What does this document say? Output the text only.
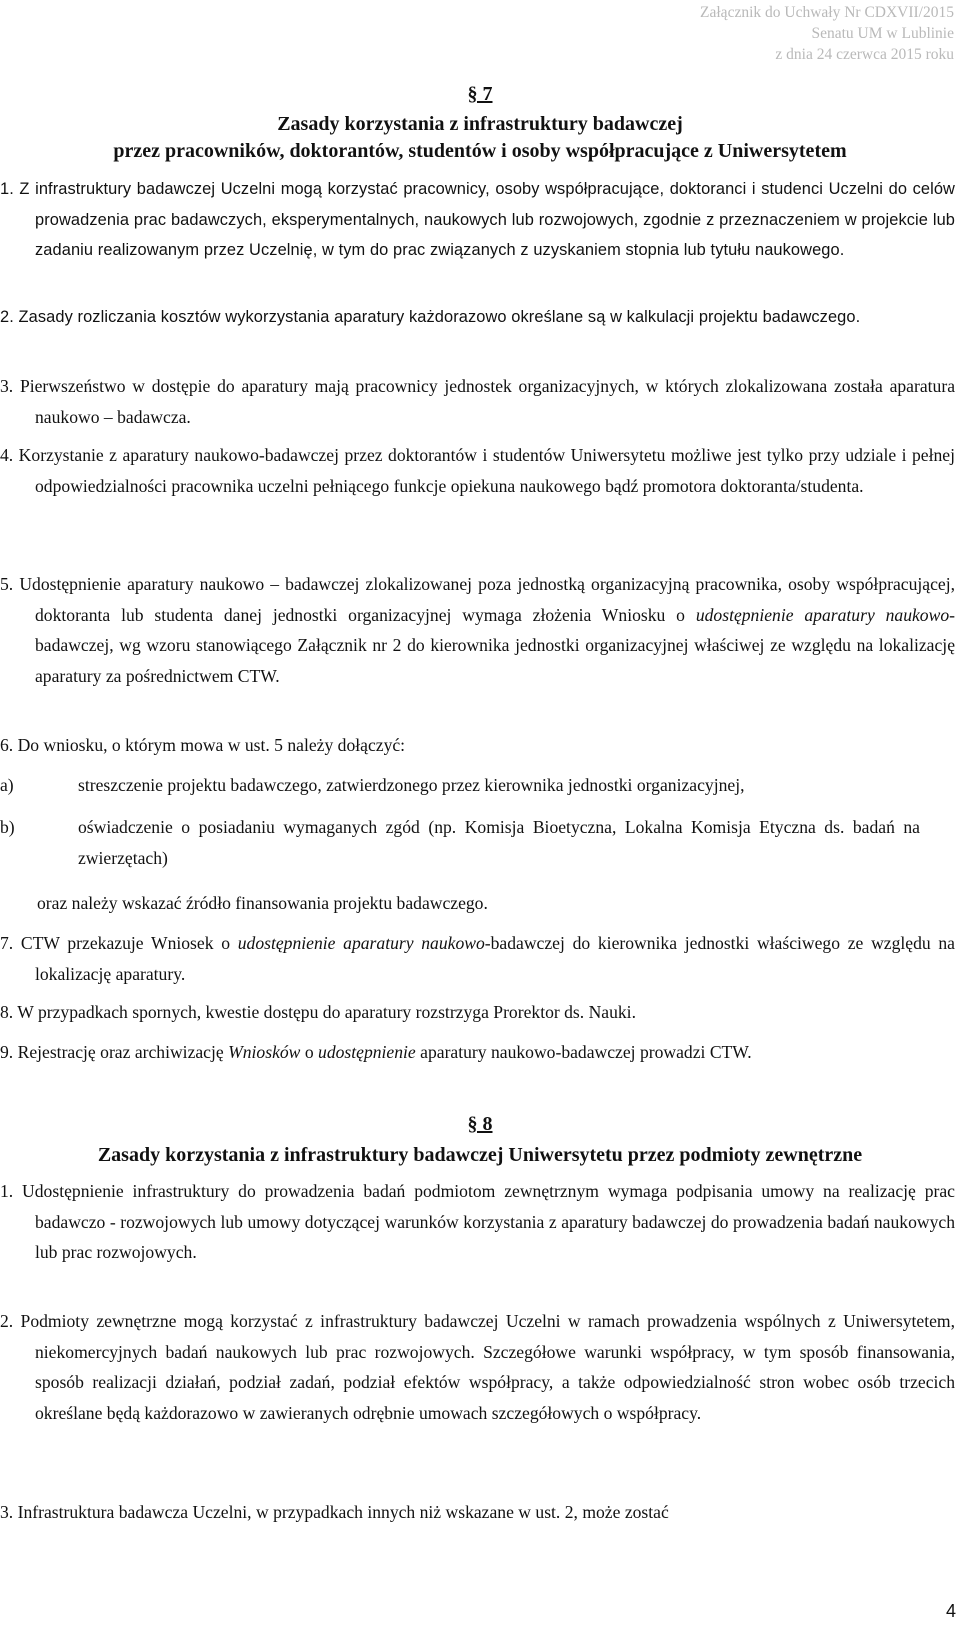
Załącznik do Uchwały Nr CDXVII/2015
Senatu UM w Lublinie
z dnia 24 czerwca 2015 roku
§ 7
Zasady korzystania z infrastruktury badawczej
przez pracowników, doktorantów, studentów i osoby współpracujące z Uniwersytetem
1. Z infrastruktury badawczej Uczelni mogą korzystać pracownicy, osoby współpracujące, doktoranci i studenci Uczelni do celów prowadzenia prac badawczych, eksperymentalnych, naukowych lub rozwojowych, zgodnie z przeznaczeniem w projekcie lub zadaniu realizowanym przez Uczelnię, w tym do prac związanych z uzyskaniem stopnia lub tytułu naukowego.
2. Zasady rozliczania kosztów wykorzystania aparatury każdorazowo określane są w kalkulacji projektu badawczego.
3. Pierwszeństwo w dostępie do aparatury mają pracownicy jednostek organizacyjnych, w których zlokalizowana została aparatura naukowo – badawcza.
4. Korzystanie z aparatury naukowo-badawczej przez doktorantów i studentów Uniwersytetu możliwe jest tylko przy udziale i pełnej odpowiedzialności pracownika uczelni pełniącego funkcje opiekuna naukowego bądź promotora doktoranta/studenta.
5. Udostępnienie aparatury naukowo – badawczej zlokalizowanej poza jednostką organizacyjną pracownika, osoby współpracującej, doktoranta lub studenta danej jednostki organizacyjnej wymaga złożenia Wniosku o udostępnienie aparatury naukowo-badawczej, wg wzoru stanowiącego Załącznik nr 2 do kierownika jednostki organizacyjnej właściwej ze względu na lokalizację aparatury za pośrednictwem CTW.
6. Do wniosku, o którym mowa w ust. 5 należy dołączyć:
a)	streszczenie projektu badawczego, zatwierdzonego przez kierownika jednostki organizacyjnej,
b)	oświadczenie o posiadaniu wymaganych zgód (np. Komisja Bioetyczna, Lokalna Komisja Etyczna ds. badań na zwierzętach)
oraz należy wskazać źródło finansowania projektu badawczego.
7. CTW przekazuje Wniosek o udostępnienie aparatury naukowo-badawczej do kierownika jednostki właściwego ze względu na lokalizację aparatury.
8. W przypadkach spornych, kwestie dostępu do aparatury rozstrzyga Prorektor ds. Nauki.
9. Rejestrację oraz archiwizację Wniosków o udostępnienie aparatury naukowo-badawczej prowadzi CTW.
§ 8
Zasady korzystania z infrastruktury badawczej Uniwersytetu przez podmioty zewnętrzne
1. Udostępnienie infrastruktury do prowadzenia badań podmiotom zewnętrznym wymaga podpisania umowy na realizację prac badawczo - rozwojowych lub umowy dotyczącej warunków korzystania z aparatury badawczej do prowadzenia badań naukowych lub prac rozwojowych.
2. Podmioty zewnętrzne mogą korzystać z infrastruktury badawczej Uczelni w ramach prowadzenia wspólnych z Uniwersytetem, niekomercyjnych badań naukowych lub prac rozwojowych. Szczegółowe warunki współpracy, w tym sposób finansowania, sposób realizacji działań, podział zadań, podział efektów współpracy, a także odpowiedzialność stron wobec osób trzecich określane będą każdorazowo w zawieranych odrębnie umowach szczegółowych o współpracy.
3. Infrastruktura badawcza Uczelni, w przypadkach innych niż wskazane w ust. 2, może zostać
4
